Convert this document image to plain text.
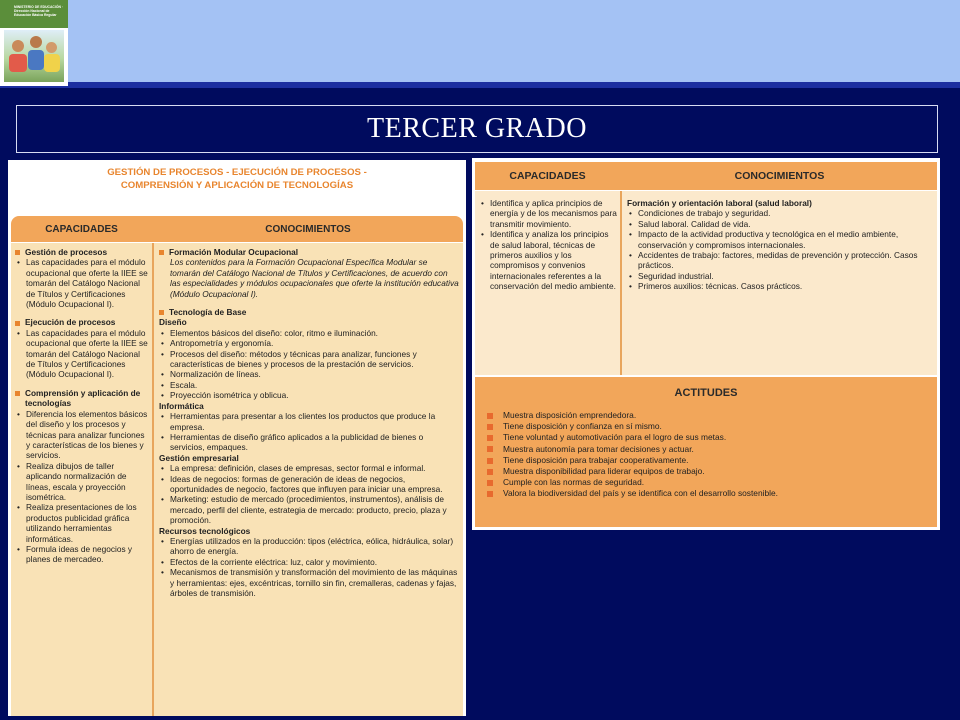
MINISTERIO DE EDUCACIÓN · Dirección Nacional de Educación Básica Regular
TERCER GRADO
GESTIÓN DE PROCESOS - EJECUCIÓN DE PROCESOS -
COMPRENSIÓN Y APLICACIÓN DE TECNOLOGÍAS
CAPACIDADES	CONOCIMIENTOS
Gestión de procesos
• Las capacidades para el módulo ocupacional que oferte la IIEE se tomarán del Catálogo Nacional de Títulos y Certificaciones (Módulo Ocupacional I).
Ejecución de procesos
• Las capacidades para el módulo ocupacional que oferte la IIEE se tomarán del Catálogo Nacional de Títulos y Certificaciones (Módulo Ocupacional I).
Comprensión y aplicación de tecnologías
• Diferencia los elementos básicos del diseño y los procesos y técnicas para analizar funciones y características de los bienes y servicios.
• Realiza dibujos de taller aplicando normalización de líneas, escala y proyección isométrica.
• Realiza presentaciones de los productos publicidad gráfica utilizando herramientas informáticas.
• Formula ideas de negocios y planes de mercadeo.
Formación Modular Ocupacional
Los contenidos para la Formación Ocupacional Específica Modular se tomarán del Catálogo Nacional de Títulos y Certificaciones, de acuerdo con las especialidades y módulos ocupacionales que oferte la institución educativa (Módulo Ocupacional I).
Tecnología de Base
Diseño
• Elementos básicos del diseño: color, ritmo e iluminación.
• Antropometría y ergonomía.
• Procesos del diseño: métodos y técnicas para analizar, funciones y características de bienes y procesos de la prestación de servicios.
• Normalización de líneas.
• Escala.
• Proyección isométrica y oblicua.
Informática
• Herramientas para presentar a los clientes los productos que produce la empresa.
• Herramientas de diseño gráfico aplicados a la publicidad de bienes o servicios, empaques.
Gestión empresarial
• La empresa: definición, clases de empresas, sector formal e informal.
• Ideas de negocios: formas de generación de ideas de negocios, oportunidades de negocio, factores que influyen para iniciar una empresa.
• Marketing: estudio de mercado (procedimientos, instrumentos), análisis de mercado, perfil del cliente, estrategia de mercado: producto, precio, plaza y promoción.
Recursos tecnológicos
• Energías utilizados en la producción: tipos (eléctrica, eólica, hidráulica, solar) ahorro de energía.
• Efectos de la corriente eléctrica: luz, calor y movimiento.
• Mecanismos de transmisión y transformación del movimiento de las máquinas y herramientas: ejes, excéntricas, tornillo sin fin, cremalleras, cadenas y fajas, árboles de transmisión.
CAPACIDADES	CONOCIMIENTOS
• Identifica y aplica principios de energía y de los mecanismos para transmitir movimiento.
• Identifica y analiza los principios de salud laboral, técnicas de primeros auxilios y los compromisos y convenios internacionales referentes a la conservación del medio ambiente.
Formación y orientación laboral (salud laboral)
• Condiciones de trabajo y seguridad.
• Salud laboral. Calidad de vida.
• Impacto de la actividad productiva y tecnológica en el medio ambiente, conservación y compromisos internacionales.
• Accidentes de trabajo: factores, medidas de prevención y protección. Casos prácticos.
• Seguridad industrial.
• Primeros auxilios: técnicas. Casos prácticos.
ACTITUDES
Muestra disposición emprendedora.
Tiene disposición y confianza en sí mismo.
Tiene voluntad y automotivación para el logro de sus metas.
Muestra autonomía para tomar decisiones y actuar.
Tiene disposición para trabajar cooperativamente.
Muestra disponibilidad para liderar equipos de trabajo.
Cumple con las normas de seguridad.
Valora la biodiversidad del país y se identifica con el desarrollo sostenible.
